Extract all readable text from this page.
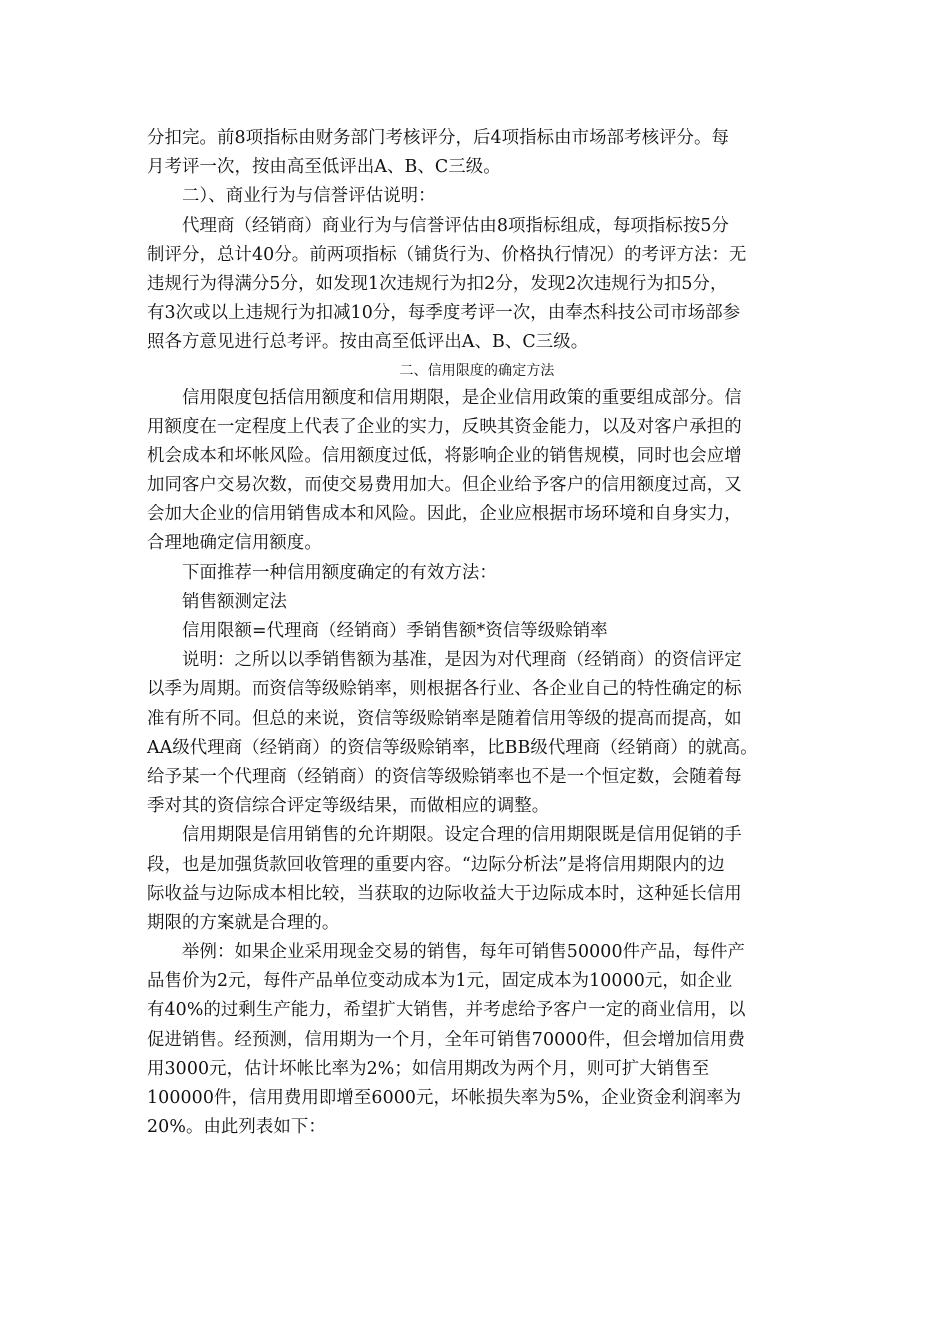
分扣完。前8项指标由财务部门考核评分，后4项指标由市场部考核评分。每
月考评一次，按由高至低评出A、B、C三级。
二）、商业行为与信誉评估说明：
代理商（经销商）商业行为与信誉评估由8项指标组成，每项指标按5分
制评分，总计40分。前两项指标（铺货行为、价格执行情况）的考评方法：无
违规行为得满分5分，如发现1次违规行为扣2分，发现2次违规行为扣5分，
有3次或以上违规行为扣减10分，每季度考评一次，由奉杰科技公司市场部参
照各方意见进行总考评。按由高至低评出A、B、C三级。
二、信用限度的确定方法
信用限度包括信用额度和信用期限，是企业信用政策的重要组成部分。信
用额度在一定程度上代表了企业的实力，反映其资金能力，以及对客户承担的
机会成本和坏帐风险。信用额度过低，将影响企业的销售规模，同时也会应增
加同客户交易次数，而使交易费用加大。但企业给予客户的信用额度过高，又
会加大企业的信用销售成本和风险。因此，企业应根据市场环境和自身实力，
合理地确定信用额度。
下面推荐一种信用额度确定的有效方法：
销售额测定法
信用限额=代理商（经销商）季销售额*资信等级赊销率
说明：之所以以季销售额为基准，是因为对代理商（经销商）的资信评定
以季为周期。而资信等级赊销率，则根据各行业、各企业自己的特性确定的标
准有所不同。但总的来说，资信等级赊销率是随着信用等级的提高而提高，如
AA级代理商（经销商）的资信等级赊销率，比BB级代理商（经销商）的就高。
给予某一个代理商（经销商）的资信等级赊销率也不是一个恒定数，会随着每
季对其的资信综合评定等级结果，而做相应的调整。
信用期限是信用销售的允许期限。设定合理的信用期限既是信用促销的手
段，也是加强货款回收管理的重要内容。“边际分析法”是将信用期限内的边
际收益与边际成本相比较，当获取的边际收益大于边际成本时，这种延长信用
期限的方案就是合理的。
举例：如果企业采用现金交易的销售，每年可销售50000件产品，每件产
品售价为2元，每件产品单位变动成本为1元，固定成本为10000元，如企业
有40%的过剩生产能力，希望扩大销售，并考虑给予客户一定的商业信用，以
促进销售。经预测，信用期为一个月，全年可销售70000件，但会增加信用费
用3000元，估计坏帐比率为2%；如信用期改为两个月，则可扩大销售至
100000件，信用费用即增至6000元，坏帐损失率为5%，企业资金利润率为
20%。由此列表如下：
